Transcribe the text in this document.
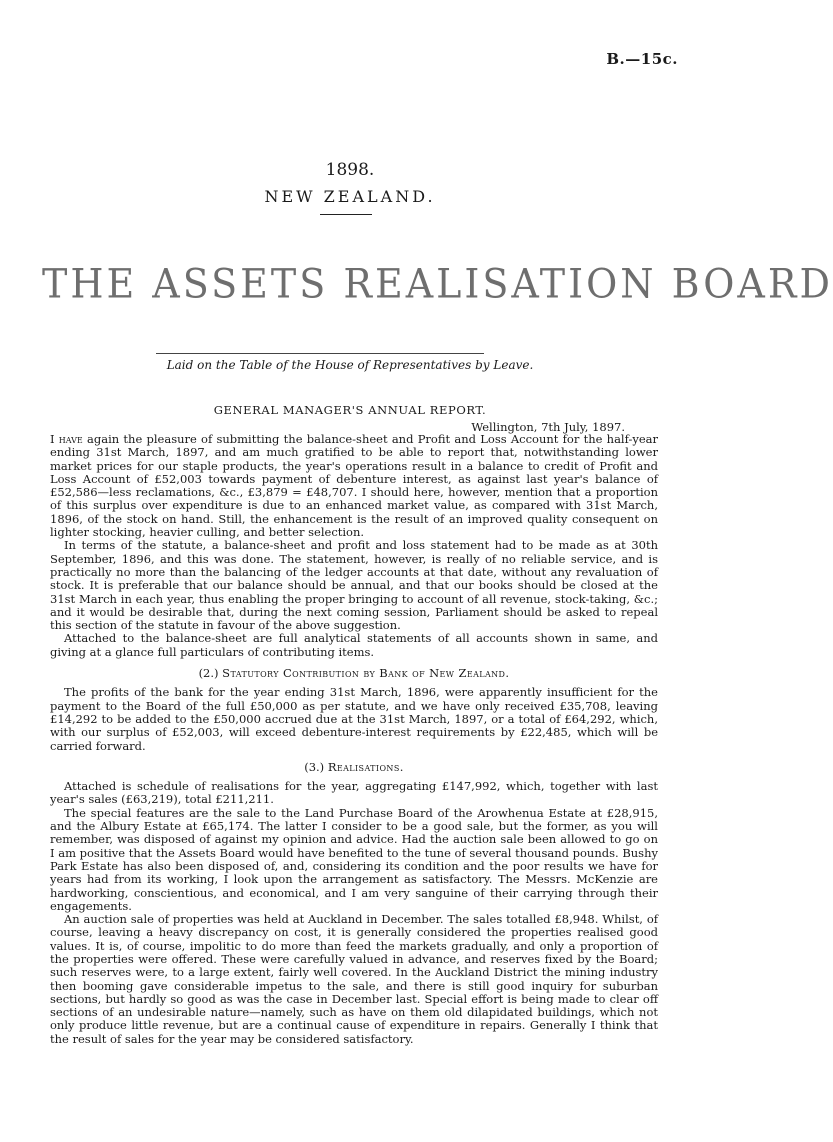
B.—15c.
1898.
NEW ZEALAND.
THE ASSETS REALISATION BOARD
Laid on the Table of the House of Representatives by Leave.
GENERAL MANAGER'S ANNUAL REPORT.
Wellington, 7th July, 1897.

I have again the pleasure of submitting the balance-sheet and Profit and Loss Account for the half-year ending 31st March, 1897, and am much gratified to be able to report that, notwithstanding lower market prices for our staple products, the year's operations result in a balance to credit of Profit and Loss Account of £52,003 towards payment of debenture interest, as against last year's balance of £52,586—less reclamations, &c., £3,879 = £48,707. I should here, however, mention that a proportion of this surplus over expenditure is due to an enhanced market value, as compared with 31st March, 1896, of the stock on hand. Still, the enhancement is the result of an improved quality consequent on lighter stocking, heavier culling, and better selection.

In terms of the statute, a balance-sheet and profit and loss statement had to be made as at 30th September, 1896, and this was done. The statement, however, is really of no reliable service, and is practically no more than the balancing of the ledger accounts at that date, without any revaluation of stock. It is preferable that our balance should be annual, and that our books should be closed at the 31st March in each year, thus enabling the proper bringing to account of all revenue, stock-taking, &c.; and it would be desirable that, during the next coming session, Parliament should be asked to repeal this section of the statute in favour of the above suggestion.

Attached to the balance-sheet are full analytical statements of all accounts shown in same, and giving at a glance full particulars of contributing items.

(2.) Statutory Contribution by Bank of New Zealand.

The profits of the bank for the year ending 31st March, 1896, were apparently insufficient for the payment to the Board of the full £50,000 as per statute, and we have only received £35,708, leaving £14,292 to be added to the £50,000 accrued due at the 31st March, 1897, or a total of £64,292, which, with our surplus of £52,003, will exceed debenture-interest requirements by £22,485, which will be carried forward.

(3.) Realisations.

Attached is schedule of realisations for the year, aggregating £147,992, which, together with last year's sales (£63,219), total £211,211.

The special features are the sale to the Land Purchase Board of the Arowhenua Estate at £28,915, and the Albury Estate at £65,174. The latter I consider to be a good sale, but the former, as you will remember, was disposed of against my opinion and advice. Had the auction sale been allowed to go on I am positive that the Assets Board would have benefited to the tune of several thousand pounds. Bushy Park Estate has also been disposed of, and, considering its condition and the poor results we have for years had from its working, I look upon the arrangement as satisfactory. The Messrs. McKenzie are hardworking, conscientious, and economical, and I am very sanguine of their carrying through their engagements.

An auction sale of properties was held at Auckland in December. The sales totalled £8,948. Whilst, of course, leaving a heavy discrepancy on cost, it is generally considered the properties realised good values. It is, of course, impolitic to do more than feed the markets gradually, and only a proportion of the properties were offered. These were carefully valued in advance, and reserves fixed by the Board; such reserves were, to a large extent, fairly well covered. In the Auckland District the mining industry then booming gave considerable impetus to the sale, and there is still good inquiry for suburban sections, but hardly so good as was the case in December last. Special effort is being made to clear off sections of an undesirable nature—namely, such as have on them old dilapidated buildings, which not only produce little revenue, but are a continual cause of expenditure in repairs. Generally I think that the result of sales for the year may be considered satisfactory.
